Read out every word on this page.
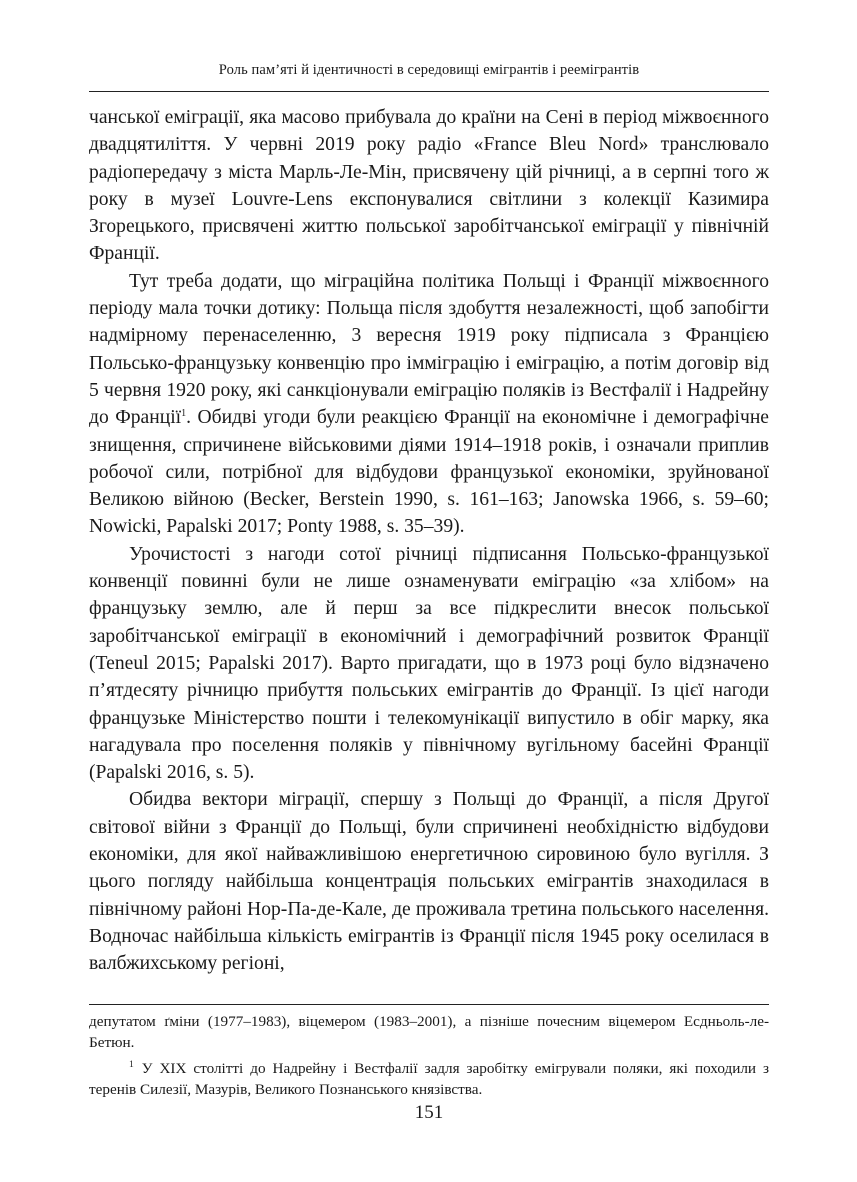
Роль пам’яті й ідентичності в середовищі емігрантів і реемігрантів

чанської еміграції, яка масово прибувала до країни на Сені в період міжвоєнного двадцятиліття. У червні 2019 року радіо «France Bleu Nord» транслювало радіопередачу з міста Марль-Ле-Мін, присвячену цій річниці, а в серпні того ж року в музеї Louvre-Lens експонувалися світлини з колекції Казимира Згорецького, присвячені життю польської заробітчанської еміграції у північній Франції.

Тут треба додати, що міграційна політика Польщі і Франції міжвоєнного періоду мала точки дотику: Польща після здобуття незалежності, щоб запобігти надмірному перенаселенню, 3 вересня 1919 року підписала з Францією Польсько-французьку конвенцію про імміграцію і еміграцію, а потім договір від 5 червня 1920 року, які санкціонували еміграцію поляків із Вестфалії і Надрейну до Франції$^1$. Обидві угоди були реакцією Франції на економічне і демографічне знищення, спричинене військовими діями 1914–1918 років, і означали приплив робочої сили, потрібної для відбудови французької економіки, зруйнованої Великою війною (Becker, Berstein 1990, s. 161–163; Janowska 1966, s. 59–60; Nowicki, Papalski 2017; Ponty 1988, s. 35–39).

Урочистості з нагоди сотої річниці підписання Польсько-французької конвенції повинні були не лише ознаменувати еміграцію «за хлібом» на французьку землю, але й перш за все підкреслити внесок польської заробітчанської еміграції в економічний і демографічний розвиток Франції (Teneul 2015; Papalski 2017). Варто пригадати, що в 1973 році було відзначено п’ятдесяту річницю прибуття польських емігрантів до Франції. Із цієї нагоди французьке Міністерство пошти і телекомунікації випустило в обіг марку, яка нагадувала про поселення поляків у північному вугільному басейні Франції (Papalski 2016, s. 5).

Обидва вектори міграції, спершу з Польщі до Франції, а після Другої світової війни з Франції до Польщі, були спричинені необхідністю відбудови економіки, для якої найважливішою енергетичною сировиною було вугілля. З цього погляду найбільша концентрація польських емігрантів знаходилася в північному районі Нор-Па-де-Кале, де проживала третина польського населення. Водночас найбільша кількість емігрантів із Франції після 1945 року оселилася в валбжихському регіоні,

депутатом ґміни (1977–1983), віцемером (1983–2001), а пізніше почесним віцемером Есдньоль-ле-Бетюн.

$^1$ У XIX столітті до Надрейну і Вестфалії задля заробітку емігрували поляки, які походили з теренів Силезії, Мазурів, Великого Познанського князівства.

151
